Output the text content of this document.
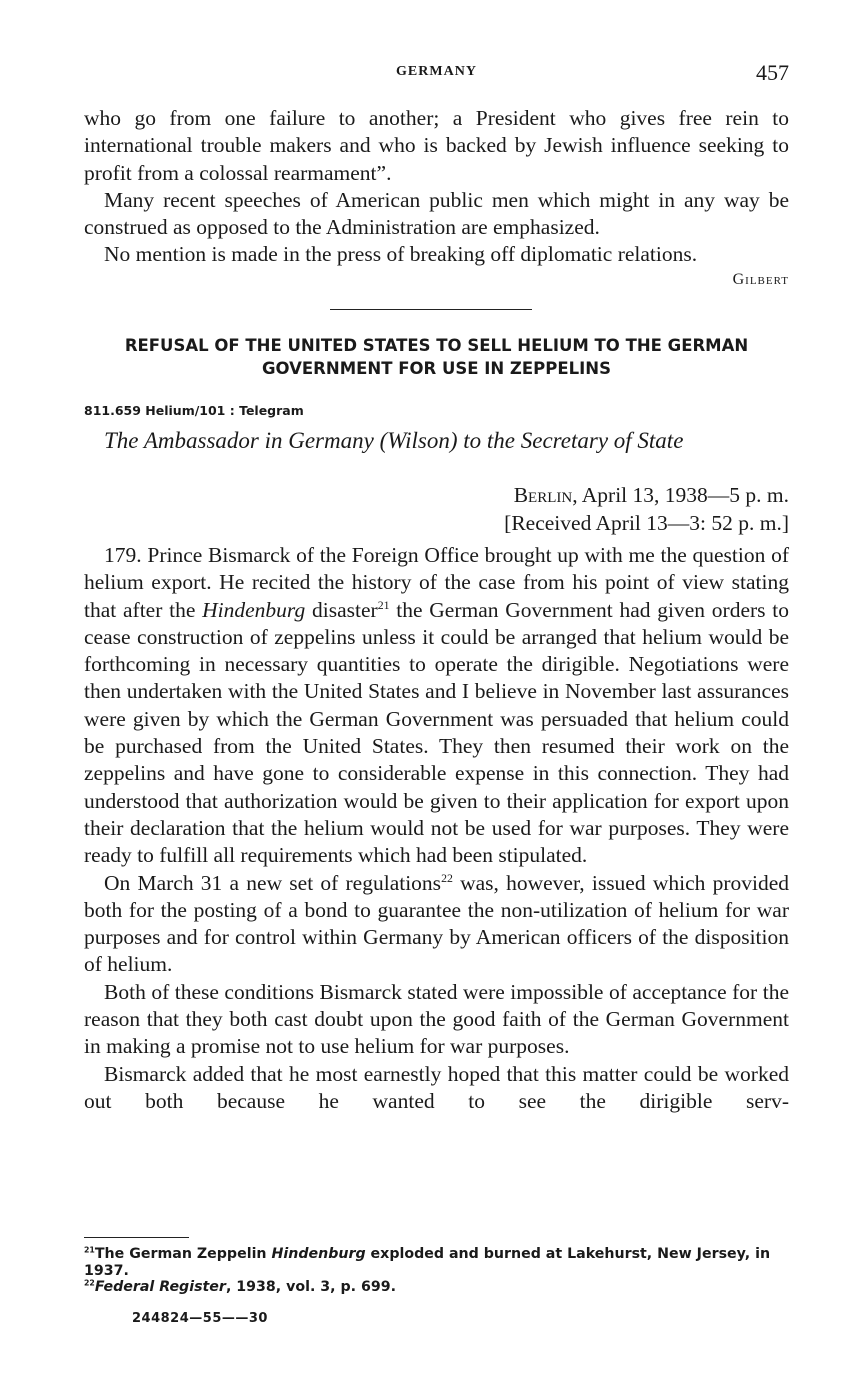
GERMANY	457

who go from one failure to another; a President who gives free rein to international trouble makers and who is backed by Jewish influence seeking to profit from a colossal rearmament”.

Many recent speeches of American public men which might in any way be construed as opposed to the Administration are emphasized.

No mention is made in the press of breaking off diplomatic relations.

Gilbert
REFUSAL OF THE UNITED STATES TO SELL HELIUM TO THE GERMAN
GOVERNMENT FOR USE IN ZEPPELINS
811.659 Helium/101 : Telegram
The Ambassador in Germany (Wilson) to the Secretary of State
Berlin, April 13, 1938—5 p. m.
[Received April 13—3: 52 p. m.]

179. Prince Bismarck of the Foreign Office brought up with me the question of helium export. He recited the history of the case from his point of view stating that after the Hindenburg disaster$^{21}$ the German Government had given orders to cease construction of zeppelins unless it could be arranged that helium would be forthcoming in necessary quantities to operate the dirigible. Negotiations were then undertaken with the United States and I believe in November last assurances were given by which the German Government was persuaded that helium could be purchased from the United States. They then resumed their work on the zeppelins and have gone to considerable expense in this connection. They had understood that authorization would be given to their application for export upon their declaration that the helium would not be used for war purposes. They were ready to fulfill all requirements which had been stipulated.

On March 31 a new set of regulations$^{22}$ was, however, issued which provided both for the posting of a bond to guarantee the non-utilization of helium for war purposes and for control within Germany by American officers of the disposition of helium.

Both of these conditions Bismarck stated were impossible of acceptance for the reason that they both cast doubt upon the good faith of the German Government in making a promise not to use helium for war purposes.

Bismarck added that he most earnestly hoped that this matter could be worked out both because he wanted to see the dirigible serv-

$^{21}$The German Zeppelin Hindenburg exploded and burned at Lakehurst, New Jersey, in 1937.

$^{22}$Federal Register, 1938, vol. 3, p. 699.

244824—55——30
